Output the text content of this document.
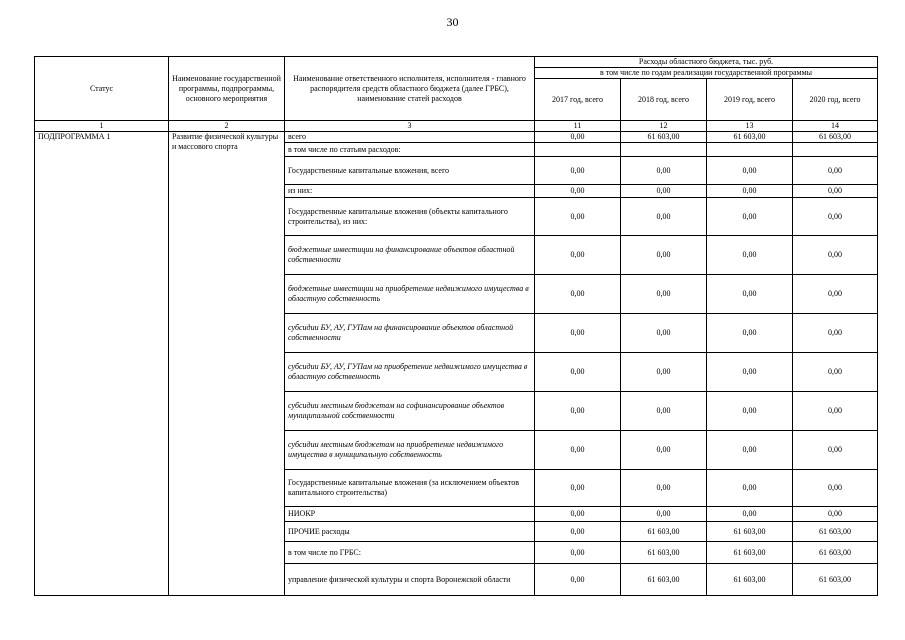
30
Статус	Наименование государственной программы, подпрограммы, основного мероприятия	Наименование ответственного исполнителя, исполнителя - главного распорядителя средств областного бюджета (далее ГРБС), наименование статей расходов	Расходы областного бюджета, тыс. руб.			
			в том числе по годам реализации государственной программы			
			2017 год, всего	2018 год, всего	2019 год, всего	2020 год, всего
1	2	3	11	12	13	14
ПОДПРОГРАММА 1	Развитие физической культуры и массового спорта	всего	0,00	61 603,00	61 603,00	61 603,00
		в том числе по статьям расходов:				
		Государственные капитальные вложения, всего	0,00	0,00	0,00	0,00
		из них:	0,00	0,00	0,00	0,00
		Государственные капитальные вложения (объекты капитального строительства), из них:	0,00	0,00	0,00	0,00
		бюджетные инвестиции на финансирование объектов областной собственности	0,00	0,00	0,00	0,00
		бюджетные инвестиции на приобретение недвижимого имущества в областную собственность	0,00	0,00	0,00	0,00
		субсидии БУ, АУ, ГУПам на финансирование объектов областной собственности	0,00	0,00	0,00	0,00
		субсидии БУ, АУ, ГУПам на приобретение недвижимого имущества в областную собственность	0,00	0,00	0,00	0,00
		субсидии местным бюджетам на софинансирование объектов муниципальной собственности	0,00	0,00	0,00	0,00
		субсидии местным бюджетам на приобретение недвижимого имущества в муниципальную собственность	0,00	0,00	0,00	0,00
		Государственные капитальные вложения (за исключением объектов капитального строительства)	0,00	0,00	0,00	0,00
		НИОКР	0,00	0,00	0,00	0,00
		ПРОЧИЕ расходы	0,00	61 603,00	61 603,00	61 603,00
		в том числе по ГРБС:	0,00	61 603,00	61 603,00	61 603,00
		управление физической культуры и спорта Воронежской области	0,00	61 603,00	61 603,00	61 603,00
